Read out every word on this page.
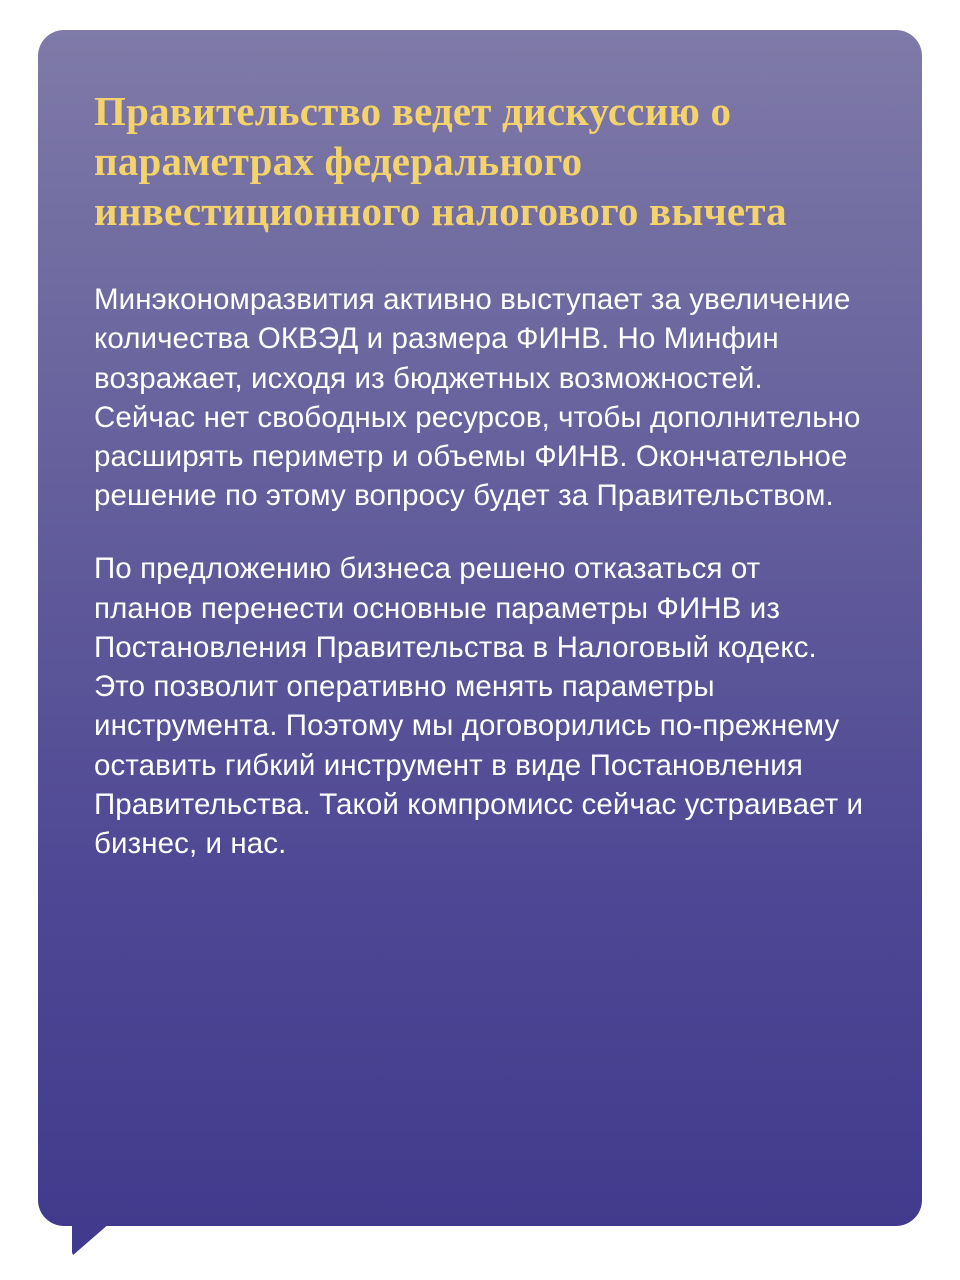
Правительство ведет дискуссию о параметрах федерального инвестиционного налогового вычета

Минэкономразвития активно выступает за увеличение количества ОКВЭД и размера ФИНВ. Но Минфин возражает, исходя из бюджетных возможностей. Сейчас нет свободных ресурсов, чтобы дополнительно расширять периметр и объемы ФИНВ. Окончательное решение по этому вопросу будет за Правительством.

По предложению бизнеса решено отказаться от планов перенести основные параметры ФИНВ из Постановления Правительства в Налоговый кодекс. Это позволит оперативно менять параметры инструмента. Поэтому мы договорились по-прежнему оставить гибкий инструмент в виде Постановления Правительства. Такой компромисс сейчас устраивает и бизнес, и нас.
